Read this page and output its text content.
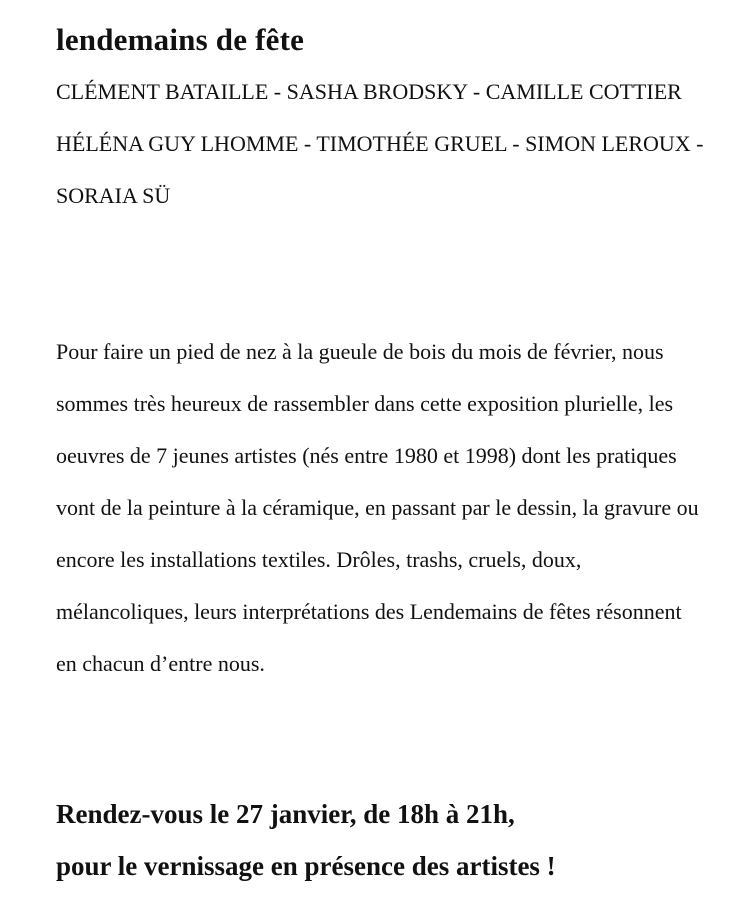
lendemains de fête

CLÉMENT BATAILLE - SASHA BRODSKY - CAMILLE COTTIER

HÉLÉNA GUY LHOMME - TIMOTHÉE GRUEL - SIMON LEROUX - SORAIA SÜ

Pour faire un pied de nez à la gueule de bois du mois de février, nous sommes très heureux de rassembler dans cette exposition plurielle, les oeuvres de 7 jeunes artistes (nés entre 1980 et 1998) dont les pratiques vont de la peinture à la céramique, en passant par le dessin, la gravure ou encore les installations textiles. Drôles, trashs, cruels, doux, mélancoliques, leurs interprétations des Lendemains de fêtes résonnent en chacun d’entre nous.

Rendez-vous le 27 janvier, de 18h à 21h,
pour le vernissage en présence des artistes !
